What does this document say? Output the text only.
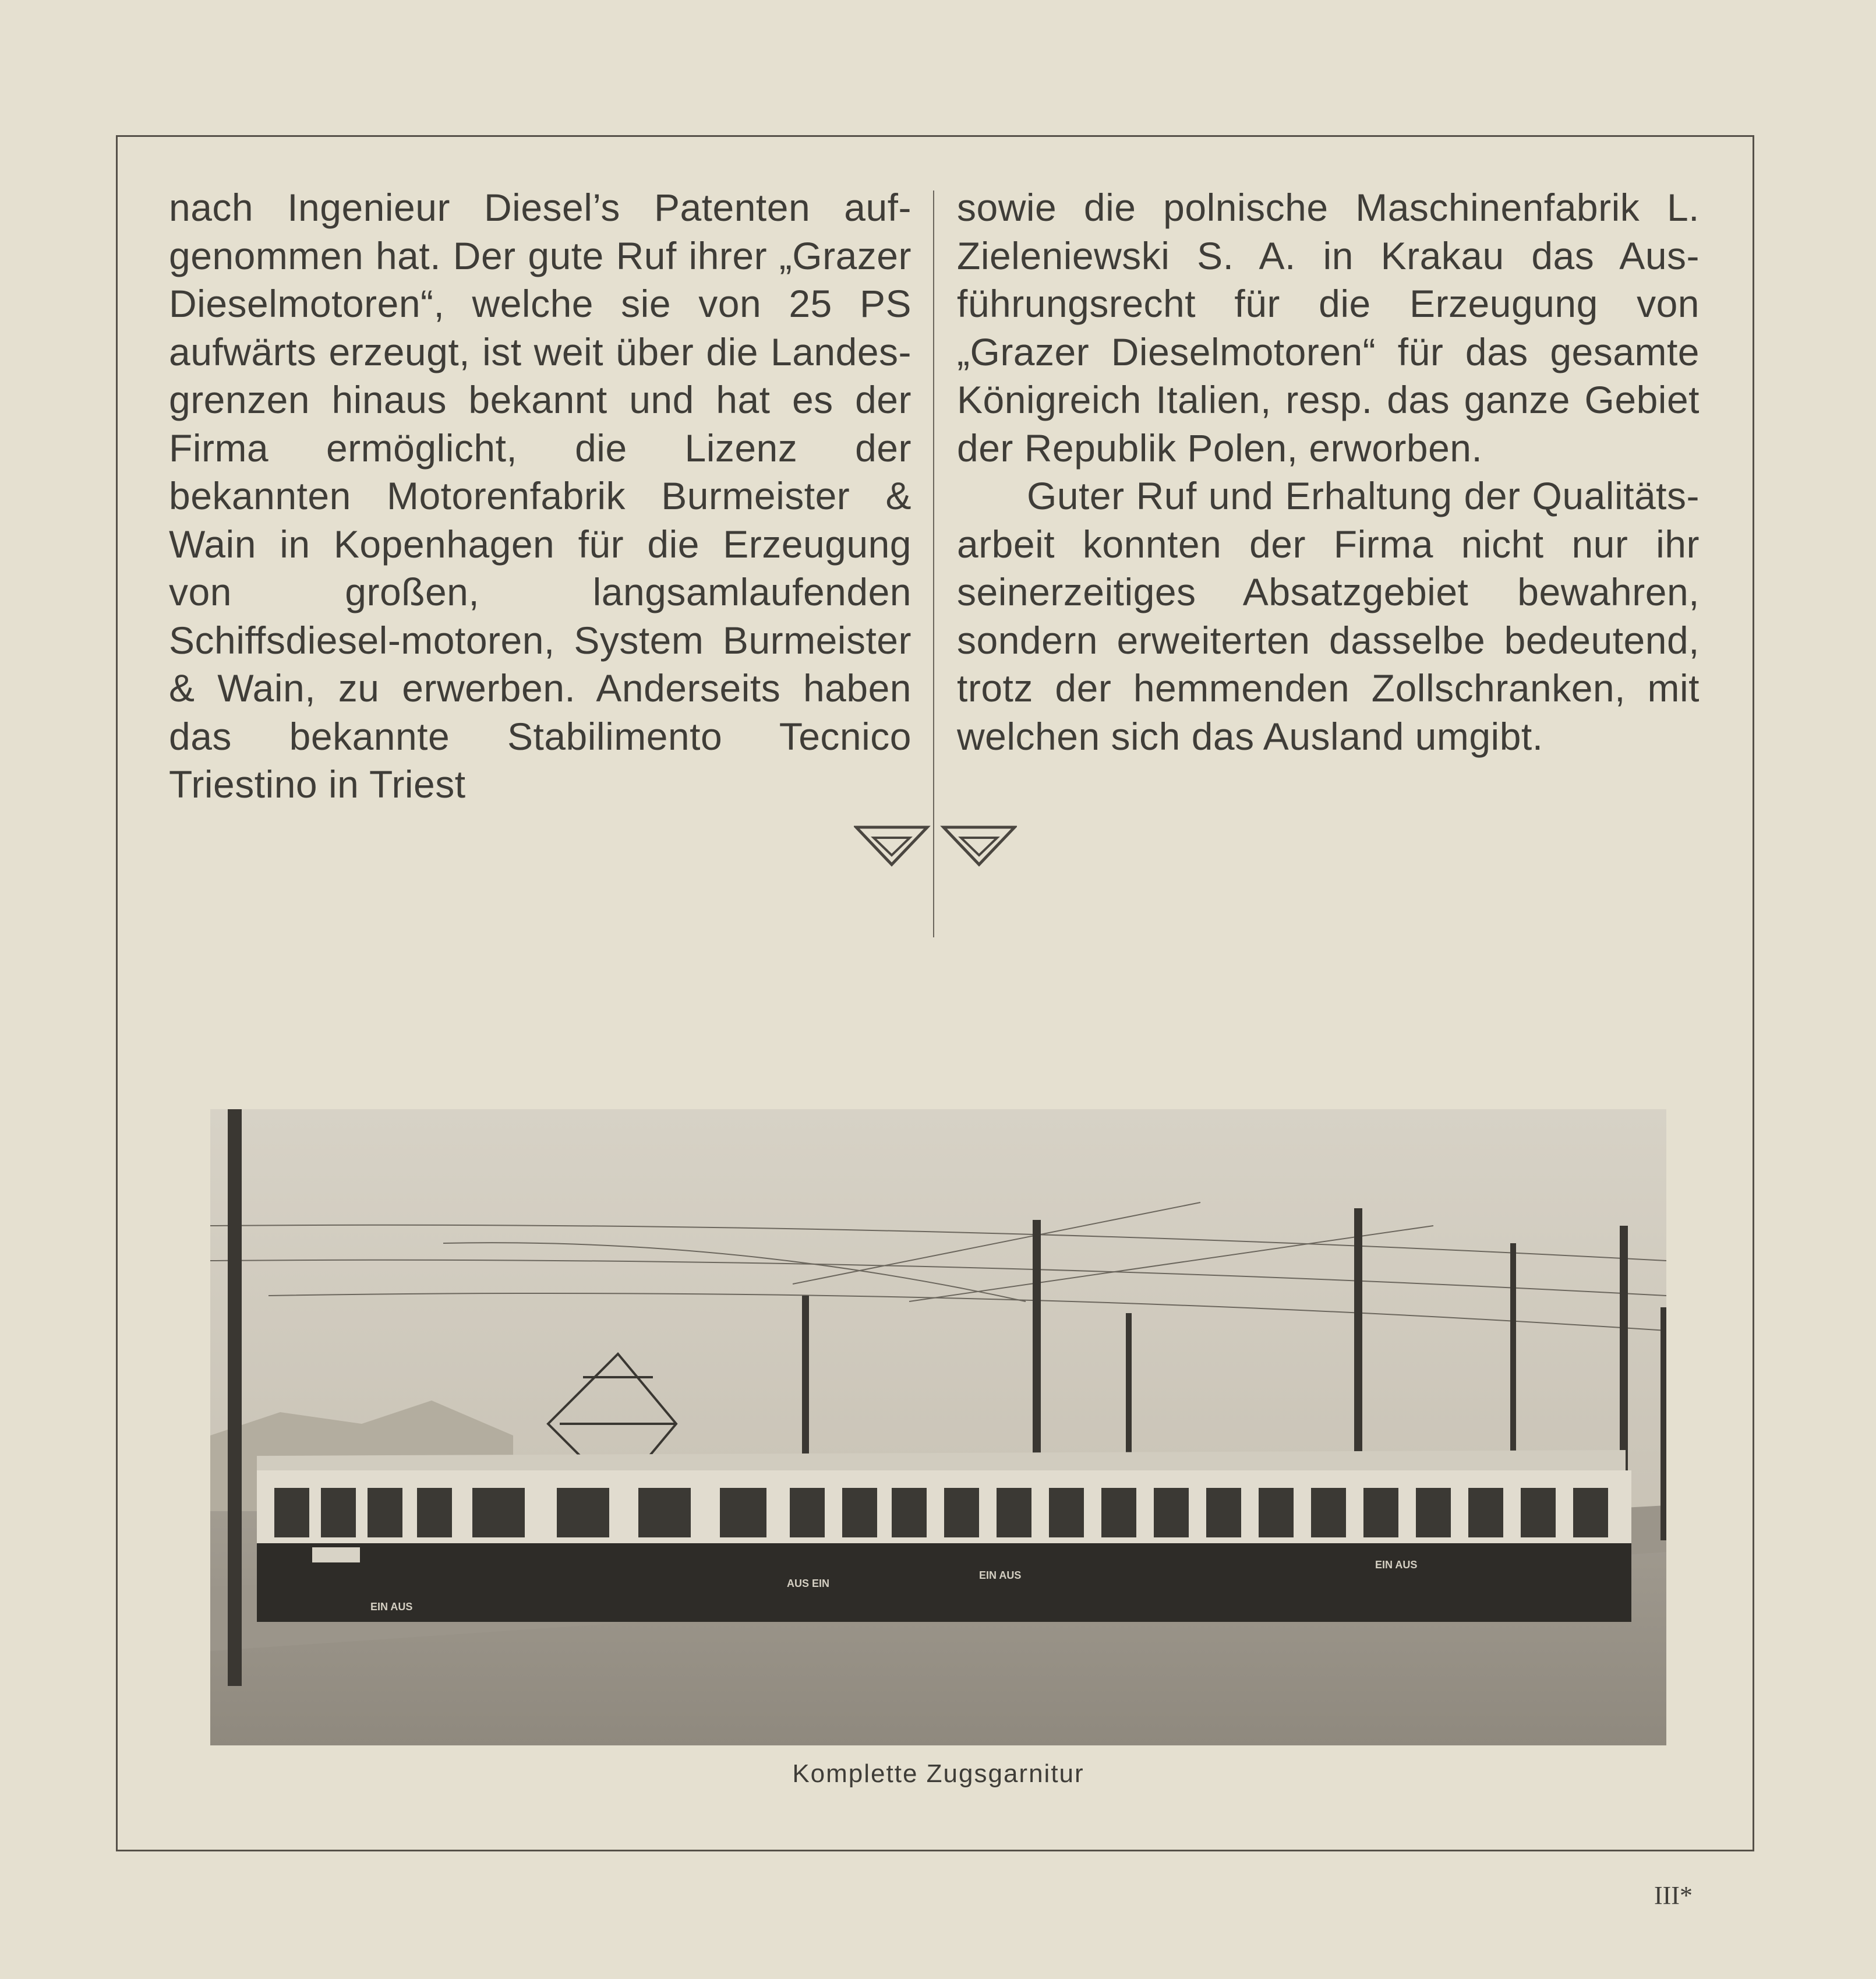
nach Ingenieur Diesel’s Patenten auf-genommen hat. Der gute Ruf ihrer „Grazer Dieselmotoren“, welche sie von 25 PS aufwärts erzeugt, ist weit über die Landes-grenzen hinaus bekannt und hat es der Firma ermöglicht, die Lizenz der bekannten Motorenfabrik Burmeister & Wain in Kopenhagen für die Erzeugung von großen, langsamlaufenden Schiffsdiesel-motoren, System Burmeister & Wain, zu erwerben. Anderseits haben das bekannte Stabilimento Tecnico Triestino in Triest

sowie die polnische Maschinenfabrik L. Zieleniewski S. A. in Krakau das Aus-führungsrecht für die Erzeugung von „Grazer Dieselmotoren“ für das gesamte Königreich Italien, resp. das ganze Gebiet der Republik Polen, erworben.

Guter Ruf und Erhaltung der Qualitäts-arbeit konnten der Firma nicht nur ihr seinerzeitiges Absatzgebiet bewahren, sondern erweiterten dasselbe bedeutend, trotz der hemmenden Zollschranken, mit welchen sich das Ausland umgibt.

EIN AUS
AUS EIN
EIN AUS
EIN AUS
Komplette Zugsgarnitur
III*
